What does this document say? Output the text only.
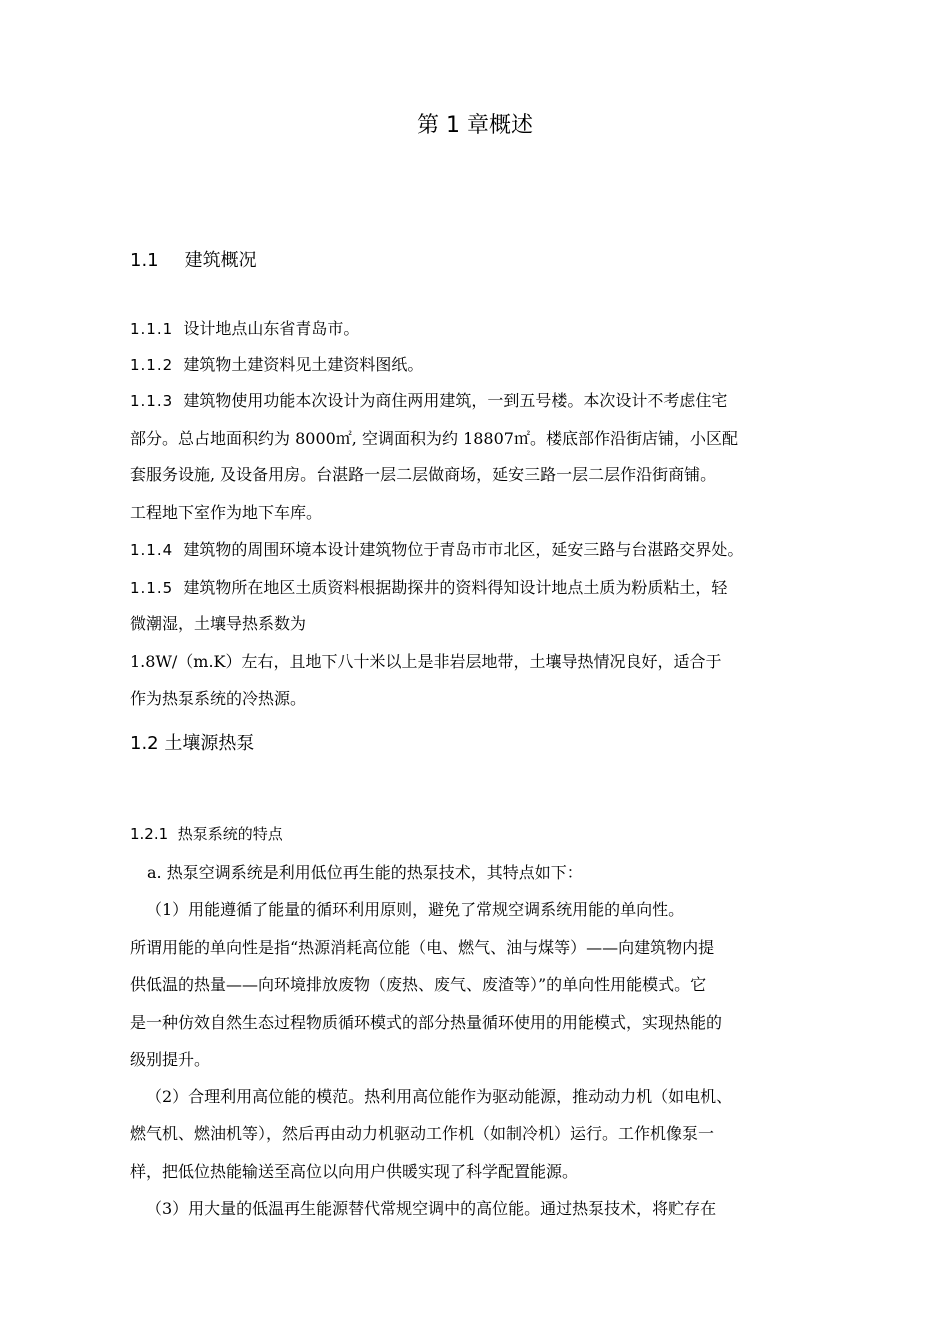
第 1 章概述
1.1 建筑概况
1.1.1 设计地点山东省青岛市。
1.1.2 建筑物土建资料见土建资料图纸。
1.1.3 建筑物使用功能本次设计为商住两用建筑，一到五号楼。本次设计不考虑住宅
部分。总占地面积约为 8000㎡, 空调面积为约 18807㎡。楼底部作沿街店铺，小区配
套服务设施, 及设备用房。台湛路一层二层做商场，延安三路一层二层作沿街商铺。
工程地下室作为地下车库。
1.1.4 建筑物的周围环境本设计建筑物位于青岛市市北区，延安三路与台湛路交界处。
1.1.5 建筑物所在地区土质资料根据勘探井的资料得知设计地点土质为粉质粘土，轻
微潮湿，土壤导热系数为
1.8W/（m.K）左右，且地下八十米以上是非岩层地带，土壤导热情况良好，适合于
作为热泵系统的冷热源。
1.2 土壤源热泵
1.2.1 热泵系统的特点
a. 热泵空调系统是利用低位再生能的热泵技术，其特点如下：
（1）用能遵循了能量的循环利用原则，避免了常规空调系统用能的单向性。
所谓用能的单向性是指“热源消耗高位能（电、燃气、油与煤等）——向建筑物内提
供低温的热量——向环境排放废物（废热、废气、废渣等）”的单向性用能模式。它
是一种仿效自然生态过程物质循环模式的部分热量循环使用的用能模式，实现热能的
级别提升。
（2）合理利用高位能的模范。热利用高位能作为驱动能源，推动动力机（如电机、
燃气机、燃油机等），然后再由动力机驱动工作机（如制冷机）运行。工作机像泵一
样，把低位热能输送至高位以向用户供暖实现了科学配置能源。
（3）用大量的低温再生能源替代常规空调中的高位能。通过热泵技术，将贮存在
